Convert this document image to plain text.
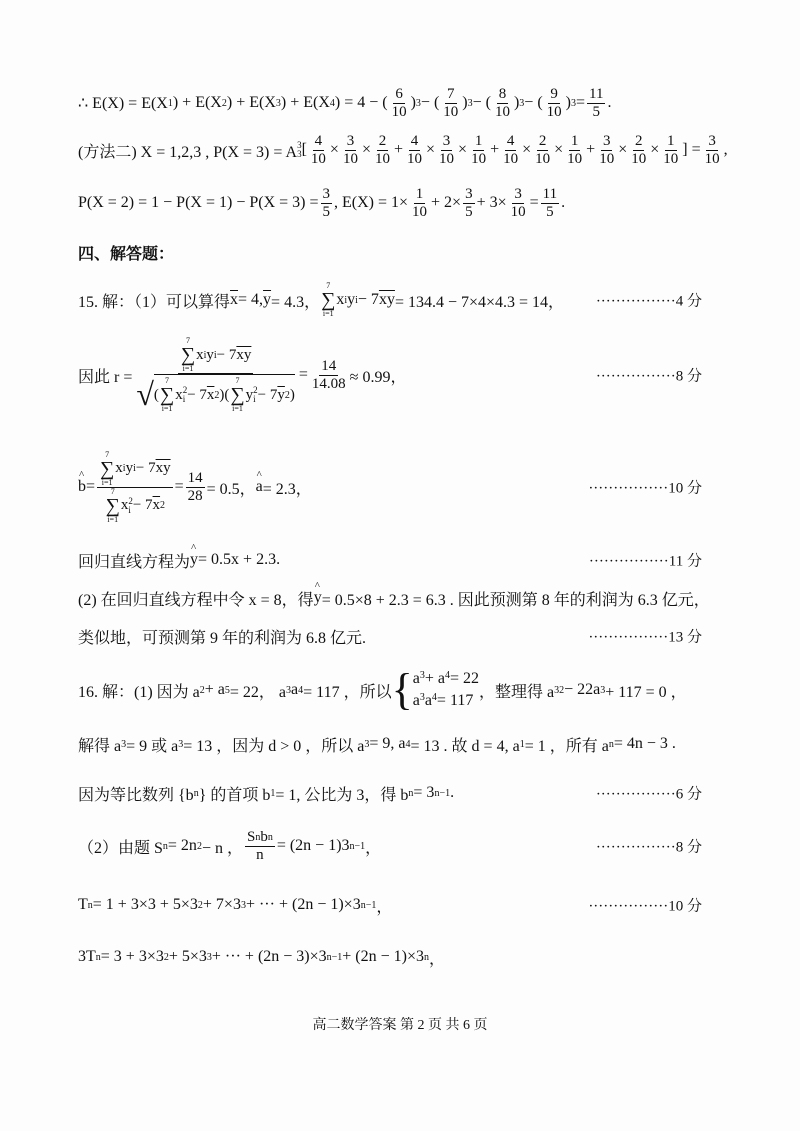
∴ E(X) = E(X 1 ) + E(X 2 ) + E(X 3 ) + E(X 4 ) = 4 − ( $\frac{6}{10}$ ) 3 − ( $\frac{7}{10}$ ) 3 − ( $\frac{8}{10}$ ) 3 − ( $\frac{9}{10}$ ) $3 = \frac{11}{5}$ .
(方法二) X = 1,2,3 , P(X = 3) = A 3
3 [ $\frac{4}{10} \times \frac{3}{10} \times \frac{2}{10} + \frac{4}{10} \times \frac{3}{10} \times \frac{1}{10} + \frac{4}{10} \times \frac{2}{10} \times \frac{1}{10} + \frac{3}{10} \times \frac{2}{10} \times \frac{1}{10}$ ] = $\frac{3}{10}$ ,
$P(X = 2) = 1 - P(X = 1) - P(X = 3) = \frac{3}{5}$ , $E(X) = 1\times \frac{1}{10} + 2\times \frac{3}{5} + 3\times \frac{3}{10} = \frac{11}{5}$ .
四、解答题：
15. 解：（1）可以算得 $\overline{x} = 4$, $\overline{y} = 4.3$，
7
∑
i=1
x i y i − 7 $\overline{xy} = 134.4 - 7\times 4\times 4.3 = 14$， ················4 分
因此 r =
7
∑
i=1
x i y i − 7 $\overline{xy}$
√ (
7
∑
i=1
x 2
i − 7 $\overline{x}$ 2 )(
7
∑
i=1
y 2
i − 7 $\overline{y}$ 2 )
= $\frac{14}{14.08} \approx 0.99$，	················8 分
^ b =
7
∑
i=1
x i y i − 7 $\overline{xy}$
7
∑
i=1
x 2
i − 7 $\overline{x}$ 2
= $\frac{14}{28} = 0.5$， ^ a = 2.3，	················10 分
回归直线方程为 ^ y = 0.5x + 2.3.	················11 分
(2) 在回归直线方程中令 x = 8，得 ^ y = 0.5×8 + 2.3 = 6.3 . 因此预测第 8 年的利润为 6.3 亿元，
类似地，可预测第 9 年的利润为 6.8 亿元.	················13 分
16. 解：(1) 因为 a 2 + a 5 = 22， a 3 a 4 = 117 ，所以 { a 3 + a 4 = 22
a 3 a 4 = 117 ，整理得 a 3 2 − 22a 3 + 117 = 0 ，
解得 a 3 = 9 或 a 3 = 13 ，因为 d > 0 ，所以 a 3 = 9, a 4 = 13 . 故 d = 4, a 1 = 1 ，所有 a n = 4n − 3 .
因为等比数列 {b n } 的首项 b 1 = 1, 公比为 3，得 b n = 3 n−1 .	················6 分
（2）由题 S n = 2n 2 − n ，
S n b n
n
= (2n − 1)3 n−1 ，	················8 分
T n = 1 + 3×3 + 5×3 2 + 7×3 3 + ··· + (2n − 1)×3 n−1 ，	················10 分
3T n = 3 + 3×3 2 + 5×3 3 + ··· + (2n − 3)×3 n−1 + (2n − 1)×3 n ，
高二数学答案 第 2 页 共 6 页
